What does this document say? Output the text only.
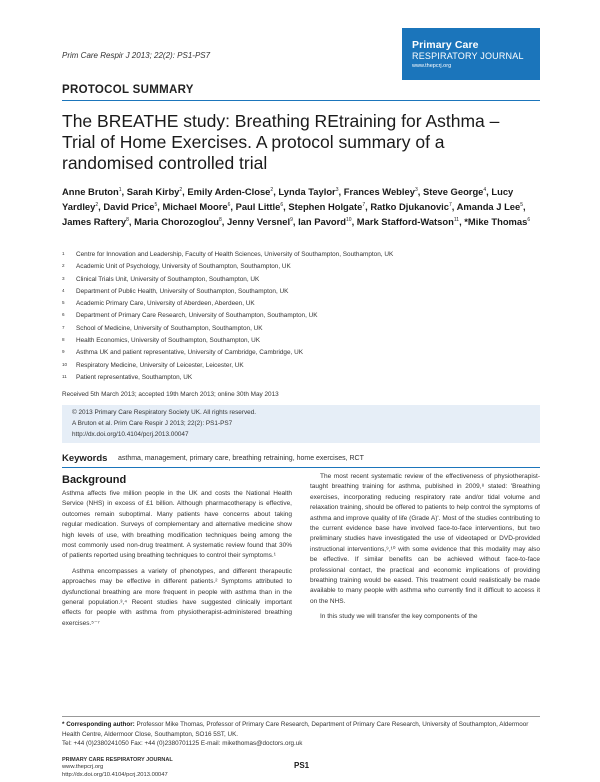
Prim Care Respir J 2013; 22(2): PS1-PS7
Primary Care
RESPIRATORY JOURNAL
www.thepcrj.org
PROTOCOL SUMMARY
The BREATHE study: Breathing REtraining for Asthma – Trial of Home Exercises. A protocol summary of a randomised controlled trial
Anne Bruton$^1$, Sarah Kirby$^2$, Emily Arden-Close$^2$, Lynda Taylor$^3$, Frances Webley$^3$, Steve George$^4$, Lucy Yardley$^2$, David Price$^5$, Michael Moore$^6$, Paul Little$^6$, Stephen Holgate$^7$, Ratko Djukanovic$^7$, Amanda J Lee$^5$, James Raftery$^8$, Maria Chorozoglou$^8$, Jenny Versnel$^9$, Ian Pavord$^{10}$, Mark Stafford-Watson$^{11}$, *Mike Thomas$^6$
1	Centre for Innovation and Leadership, Faculty of Health Sciences, University of Southampton, Southampton, UK
2	Academic Unit of Psychology, University of Southampton, Southampton, UK
3	Clinical Trials Unit, University of Southampton, Southampton, UK
4	Department of Public Health, University of Southampton, Southampton, UK
5	Academic Primary Care, University of Aberdeen, Aberdeen, UK
6	Department of Primary Care Research, University of Southampton, Southampton, UK
7	School of Medicine, University of Southampton, Southampton, UK
8	Health Economics, University of Southampton, Southampton, UK
9	Asthma UK and patient representative, University of Cambridge, Cambridge, UK
10	Respiratory Medicine, University of Leicester, Leicester, UK
11	Patient representative, Southampton, UK
Received 5th March 2013; accepted 19th March 2013; online 30th May 2013
© 2013 Primary Care Respiratory Society UK. All rights reserved.
A Bruton et al. Prim Care Respir J 2013; 22(2): PS1-PS7
http://dx.doi.org/10.4104/pcrj.2013.00047
Keywords asthma, management, primary care, breathing retraining, home exercises, RCT
Background

Asthma affects five million people in the UK and costs the National Health Service (NHS) in excess of £1 billion. Although pharmacotherapy is effective, outcomes remain suboptimal. Many patients have concerns about taking regular medication. Surveys of complementary and alternative medicine show high levels of use, with breathing modification techniques being among the most commonly used non-drug treatment. A systematic review found that 30% of patients reported using breathing techniques to control their symptoms.¹

Asthma encompasses a variety of phenotypes, and different therapeutic approaches may be effective in different patients.² Symptoms attributed to dysfunctional breathing are more frequent in people with asthma than in the general population.³,⁴ Recent studies have suggested clinically important effects for people with asthma from physiotherapist-administered breathing exercises.⁵⁻⁷

The most recent systematic review of the effectiveness of physiotherapist-taught breathing training for asthma, published in 2009,⁸ stated: 'Breathing exercises, incorporating reducing respiratory rate and/or tidal volume and relaxation training, should be offered to patients to help control the symptoms of asthma and improve quality of life (Grade A)'. Most of the studies contributing to the current evidence base have involved face-to-face interventions, but two preliminary studies have investigated the use of videotaped or DVD-provided instructional interventions,⁹,¹⁰ with some evidence that this modality may also be effective. If similar benefits can be achieved without face-to-face professional contact, the practical and economic implications of providing breathing training would be eased. This treatment could realistically be made available to many people with asthma who currently find it difficult to access it on the NHS.

In this study we will transfer the key components of the

* Corresponding author: Professor Mike Thomas, Professor of Primary Care Research, Department of Primary Care Research, University of Southampton, Aldermoor Health Centre, Aldermoor Close, Southampton, SO16 5ST, UK.
Tel: +44 (0)2380241050 Fax: +44 (0)2380701125 E-mail: mikethomas@doctors.org.uk
PRIMARY CARE RESPIRATORY JOURNAL
www.thepcrj.org
http://dx.doi.org/10.4104/pcrj.2013.00047
PS1
